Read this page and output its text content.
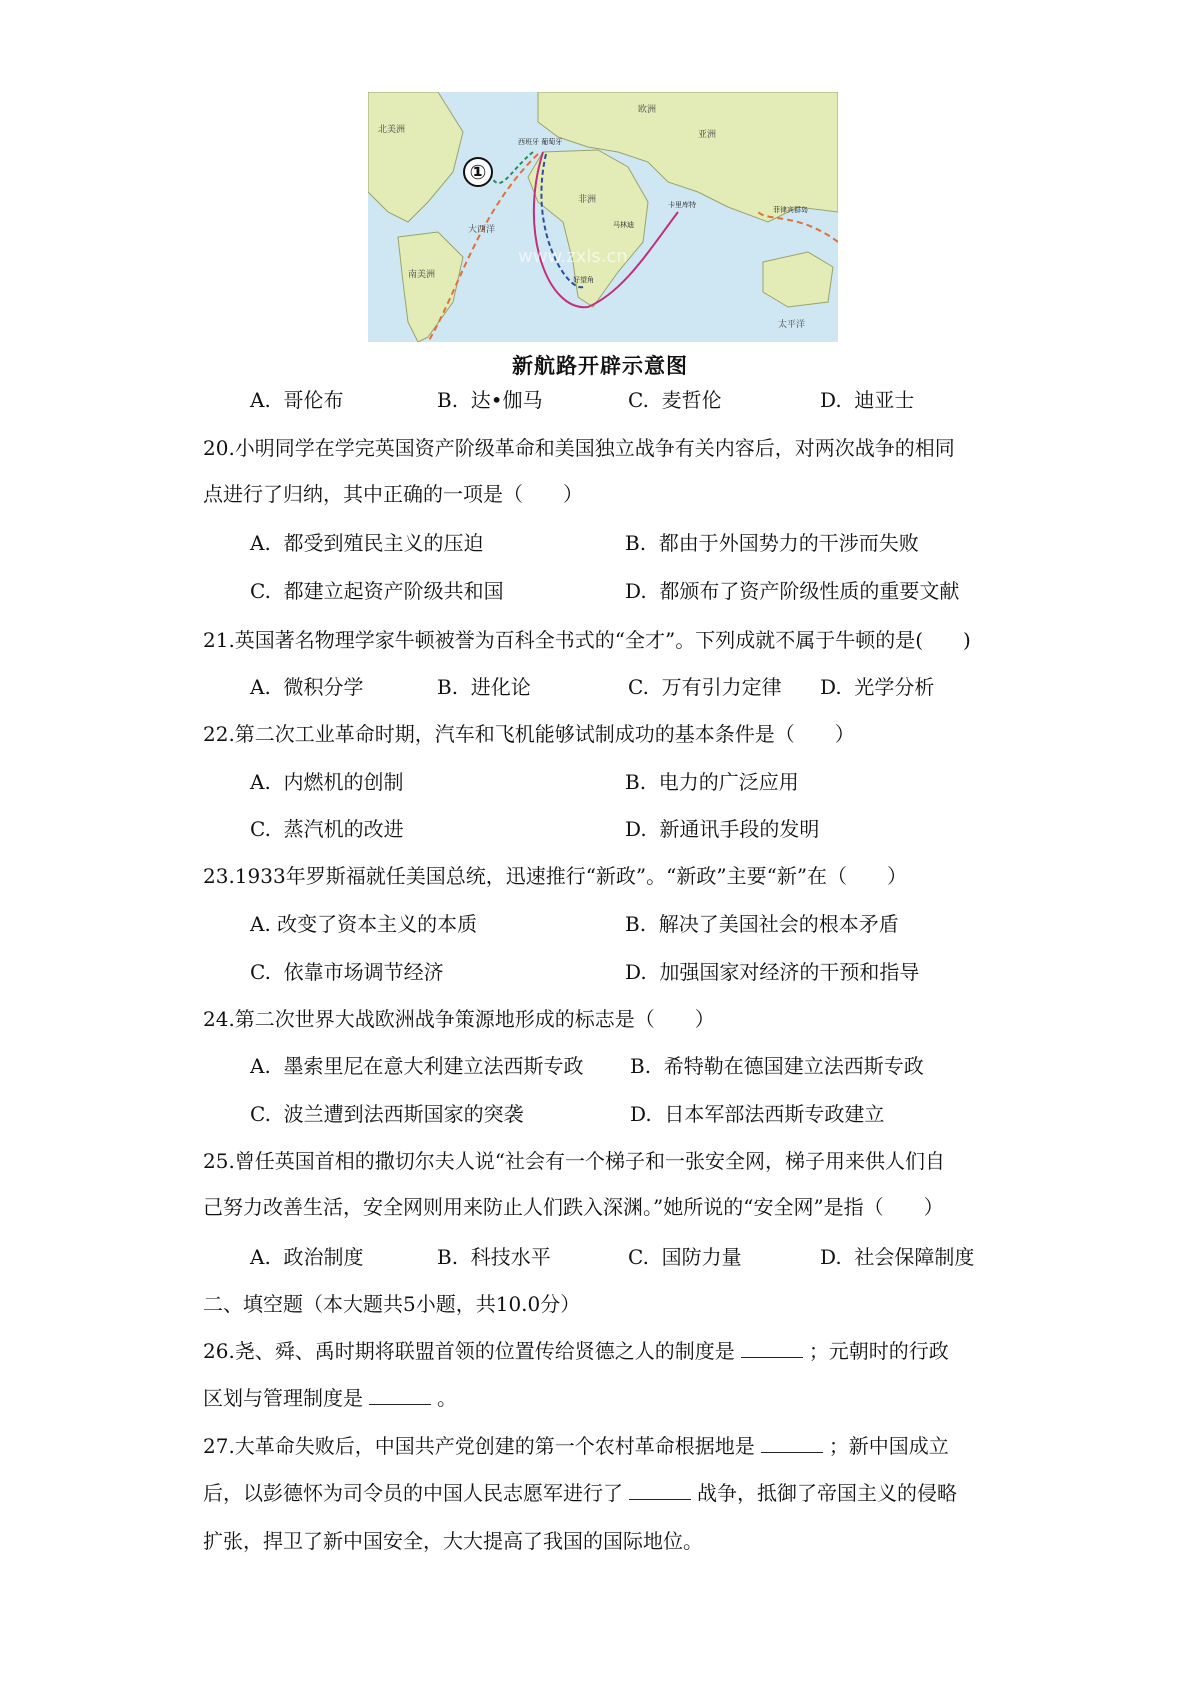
①
北美洲
南美洲
欧洲
亚洲
非洲
大西洋
太平洋
西班牙 葡萄牙
马林迪
卡里库特
好望角
菲律宾群岛
www.zxls.cn
新航路开辟示意图
A. 哥伦布	B. 达•伽马	C. 麦哲伦	D. 迪亚士
20.小明同学在学完英国资产阶级革命和美国独立战争有关内容后，对两次战争的相同
点进行了归纳，其中正确的一项是（　　）
A. 都受到殖民主义的压迫	B. 都由于外国势力的干涉而失败
C. 都建立起资产阶级共和国	D. 都颁布了资产阶级性质的重要文献
21.英国著名物理学家牛顿被誉为百科全书式的“全才”。下列成就不属于牛顿的是(　　)
A. 微积分学	B. 进化论	C. 万有引力定律 D. 光学分析
22.第二次工业革命时期，汽车和飞机能够试制成功的基本条件是（　　）
A. 内燃机的创制	B. 电力的广泛应用
C. 蒸汽机的改进	D. 新通讯手段的发明
23.1933年罗斯福就任美国总统，迅速推行“新政”。“新政”主要“新”在（　　）
A. 改变了资本主义的本质	B. 解决了美国社会的根本矛盾
C. 依靠市场调节经济	D. 加强国家对经济的干预和指导
24.第二次世界大战欧洲战争策源地形成的标志是（　　）
A. 墨索里尼在意大利建立法西斯专政 B. 希特勒在德国建立法西斯专政
C. 波兰遭到法西斯国家的突袭	D. 日本军部法西斯专政建立
25.曾任英国首相的撒切尔夫人说“社会有一个梯子和一张安全网，梯子用来供人们自
己努力改善生活，安全网则用来防止人们跌入深渊。”她所说的“安全网”是指（　　）
A. 政治制度	B. 科技水平	C. 国防力量	D. 社会保障制度
二、填空题（本大题共5小题，共10.0分）
26.尧、舜、禹时期将联盟首领的位置传给贤德之人的制度是	；元朝时的行政
区划与管理制度是	。
27.大革命失败后，中国共产党创建的第一个农村革命根据地是	；新中国成立
后，以彭德怀为司令员的中国人民志愿军进行了	战争，抵御了帝国主义的侵略
扩张，捍卫了新中国安全，大大提高了我国的国际地位。
